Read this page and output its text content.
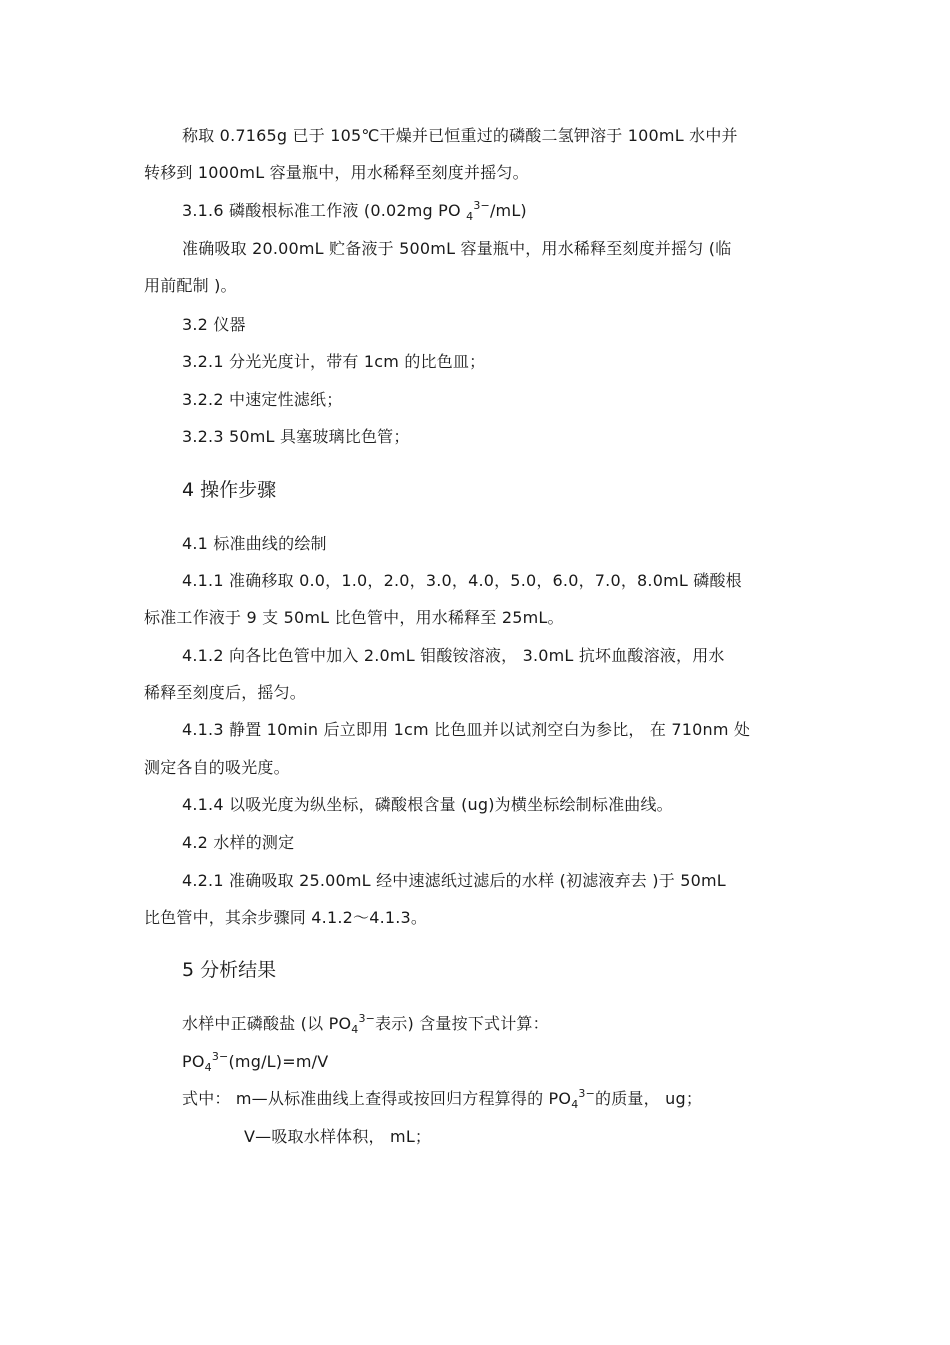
称取 0.7165g 已于 105℃干燥并已恒重过的磷酸二氢钾溶于 100mL 水中并
转移到 1000mL 容量瓶中，用水稀释至刻度并摇匀。
3.1.6 磷酸根标准工作液 (0.02mg PO $_4^{3-}$/mL)
准确吸取 20.00mL 贮备液于 500mL 容量瓶中，用水稀释至刻度并摇匀 (临
用前配制 )。
3.2 仪器
3.2.1 分光光度计，带有 1cm 的比色皿；
3.2.2 中速定性滤纸；
3.2.3 50mL 具塞玻璃比色管；
4 操作步骤
4.1 标准曲线的绘制
4.1.1 准确移取 0.0，1.0，2.0，3.0，4.0，5.0，6.0，7.0，8.0mL 磷酸根
标准工作液于 9 支 50mL 比色管中，用水稀释至 25mL。
4.1.2 向各比色管中加入 2.0mL 钼酸铵溶液， 3.0mL 抗坏血酸溶液，用水
稀释至刻度后，摇匀。
4.1.3 静置 10min 后立即用 1cm 比色皿并以试剂空白为参比， 在 710nm 处
测定各自的吸光度。
4.1.4 以吸光度为纵坐标，磷酸根含量 (ug)为横坐标绘制标准曲线。
4.2 水样的测定
4.2.1 准确吸取 25.00mL 经中速滤纸过滤后的水样 (初滤液弃去 )于 50mL
比色管中，其余步骤同 4.1.2～4.1.3。
5 分析结果
水样中正磷酸盐 (以 $PO_4^{3-}$表示) 含量按下式计算：
$PO_4^{3-}(mg/L)=m/V$
式中： m—从标准曲线上查得或按回归方程算得的 $PO_4^{3-}$的质量， ug；
V—吸取水样体积， mL；
